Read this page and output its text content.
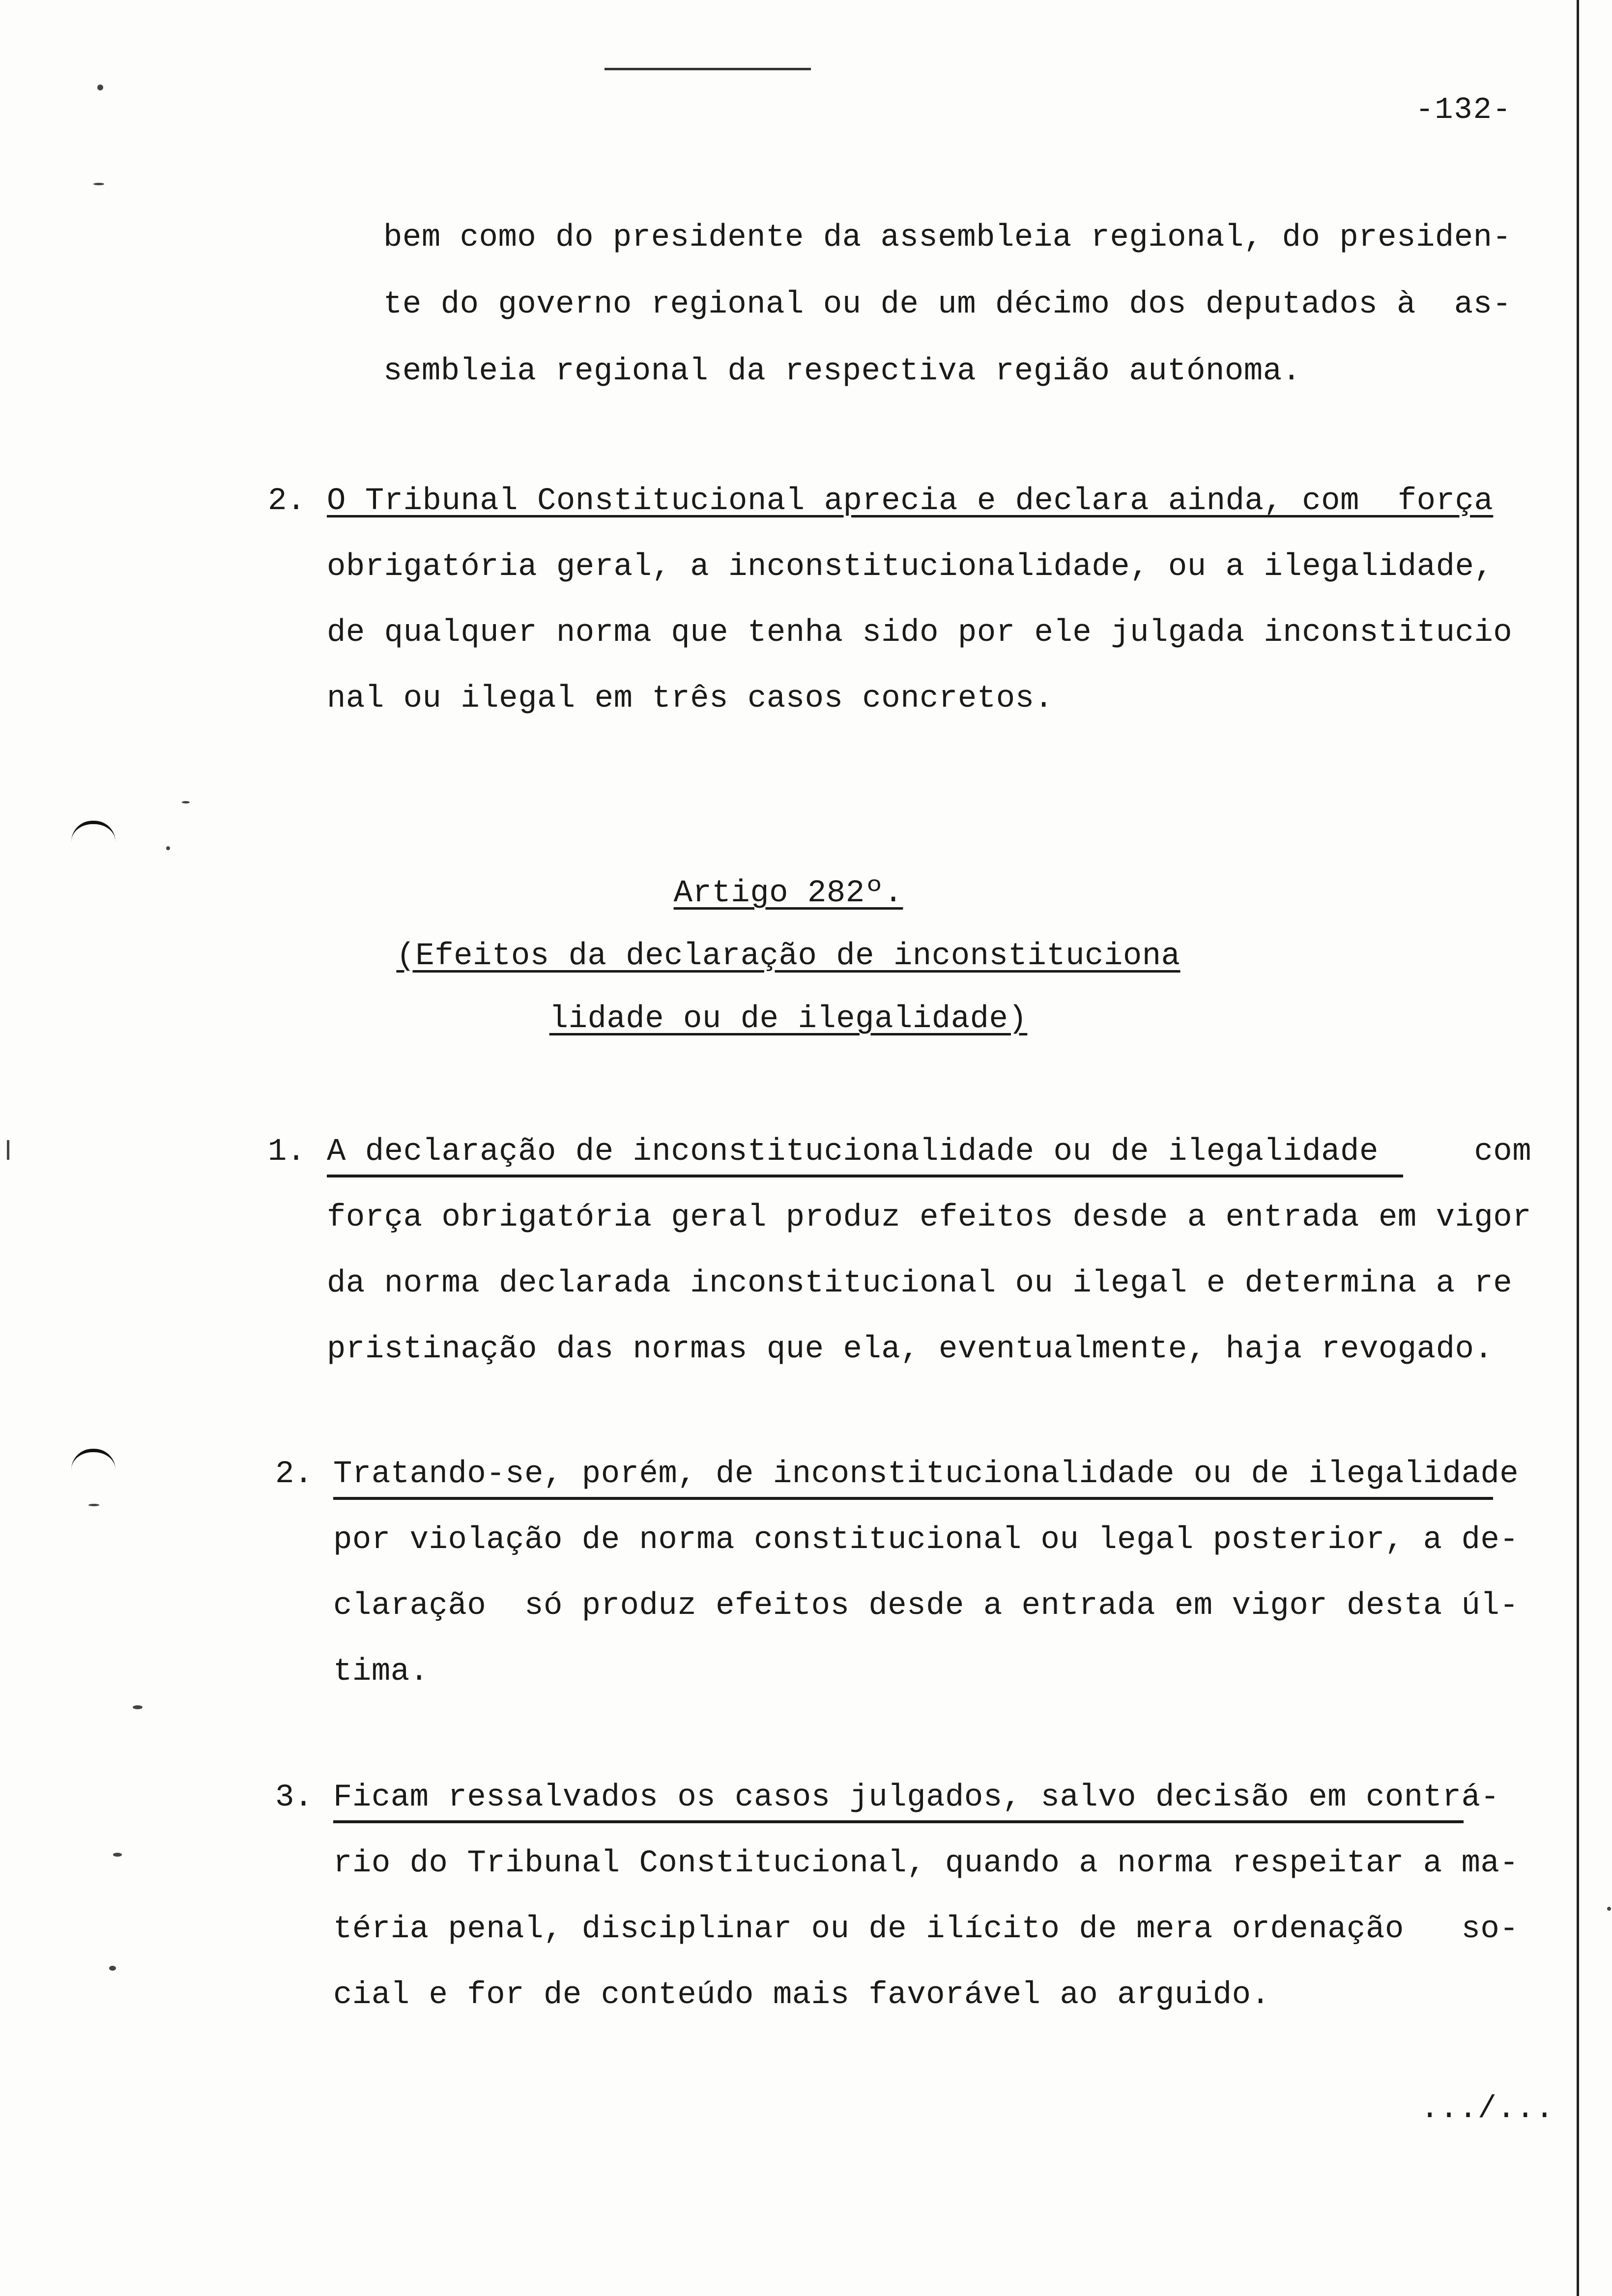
-132-
bem como do presidente da assembleia regional, do presiden-
te do governo regional ou de um décimo dos deputados à  as-
sembleia regional da respectiva região autónoma.
2. O Tribunal Constitucional aprecia e declara ainda, com  força
obrigatória geral, a inconstitucionalidade, ou a ilegalidade,
de qualquer norma que tenha sido por ele julgada inconstitucio
nal ou ilegal em três casos concretos.
Artigo 282º.
(Efeitos da declaração de inconstituciona
lidade ou de ilegalidade)
1. A declaração de inconstitucionalidade ou de ilegalidade     com
força obrigatória geral produz efeitos desde a entrada em vigor
da norma declarada inconstitucional ou ilegal e determina a re
pristinação das normas que ela, eventualmente, haja revogado.
2. Tratando-se, porém, de inconstitucionalidade ou de ilegalidade
por violação de norma constitucional ou legal posterior, a de-
claração  só produz efeitos desde a entrada em vigor desta úl-
tima.
3. Ficam ressalvados os casos julgados, salvo decisão em contrá-
rio do Tribunal Constitucional, quando a norma respeitar a ma-
téria penal, disciplinar ou de ilícito de mera ordenação   so-
cial e for de conteúdo mais favorável ao arguido.
.../...
